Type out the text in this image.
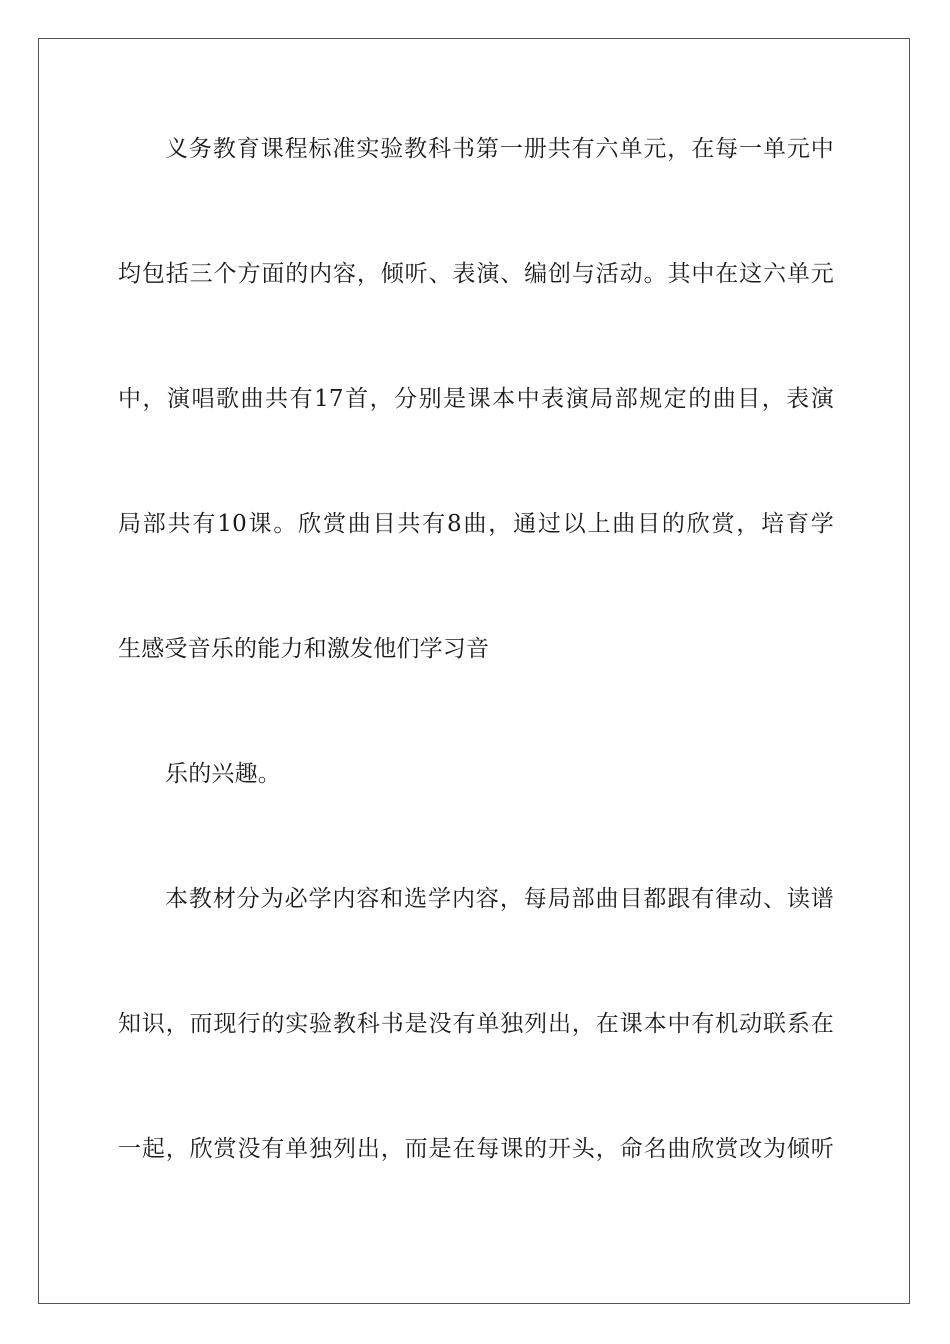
义务教育课程标准实验教科书第一册共有六单元，在每一单元中
均包括三个方面的内容，倾听、表演、编创与活动。其中在这六单元
中，演唱歌曲共有17首，分别是课本中表演局部规定的曲目，表演
局部共有10课。欣赏曲目共有8曲，通过以上曲目的欣赏，培育学
生感受音乐的能力和激发他们学习音
乐的兴趣。
本教材分为必学内容和选学内容，每局部曲目都跟有律动、读谱
知识，而现行的实验教科书是没有单独列出，在课本中有机动联系在
一起，欣赏没有单独列出，而是在每课的开头，命名曲欣赏改为倾听
